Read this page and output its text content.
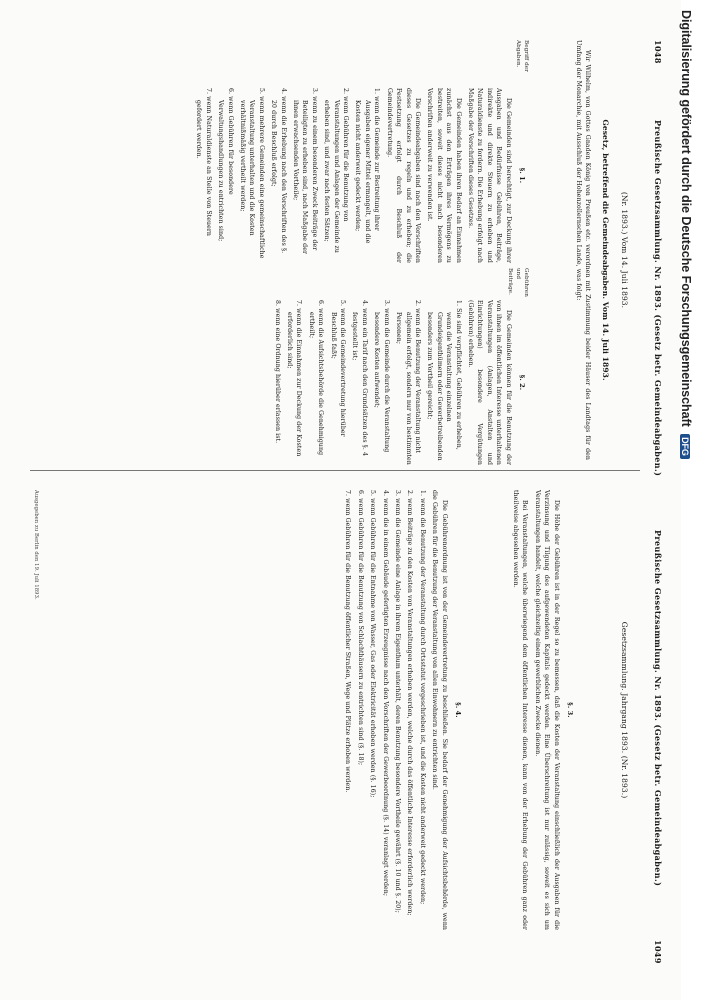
1048
Preußische Gesetzsammlung. Nr. 1893. (Gesetz betr. Gemeindeabgaben.)
Preußische Gesetzsammlung. Nr. 1893. (Gesetz betr. Gemeindeabgaben.)
1049
(Nr. 1893.) Vom 14. Juli 1893.
Gesetz, betreffend die Gemeindeabgaben. Vom 14. Juli 1893.
Wir Wilhelm, von Gottes Gnaden König von Preußen etc. verordnen mit Zustimmung beider Häuser des Landtags für den Umfang der Monarchie, mit Ausschluß der Hohenzollernschen Lande, was folgt:
Begriff der Abgaben.
§. 1.
Die Gemeinden sind berechtigt, zur Deckung ihrer Ausgaben und Bedürfnisse Gebühren, Beiträge, indirekte und direkte Steuern zu erheben und Naturaldienste zu fordern. Die Erhebung erfolgt nach Maßgabe der Vorschriften dieses Gesetzes.
Die Gemeinden haben ihren Bedarf an Einnahmen zunächst aus den Erträgen ihres Vermögens zu bestreiten, soweit dieses nicht nach besonderen Vorschriften anderweit zu verwenden ist.
Die Gemeindeabgaben sind nach den Vorschriften dieses Gesetzes zu regeln und zu erheben; die Festsetzung erfolgt durch Beschluß der Gemeindevertretung.
1. wenn die Gemeinde zur Bestreitung ihrer Ausgaben eigener Mittel ermangelt, und die Kosten nicht anderweit gedeckt werden;
2. wenn Gebühren für die Benutzung von Veranstaltungen und Anlagen der Gemeinde zu erheben sind, und zwar nach festen Sätzen;
3. wenn zu einem besonderen Zweck Beiträge der Beteiligten zu erheben sind, nach Maßgabe der ihnen erwachsenden Vortheile;
4. wenn die Erhebung nach den Vorschriften des §. 20 durch Beschluß erfolgt;
5. wenn mehrere Gemeinden eine gemeinschaftliche Veranstaltung unterhalten und die Kosten verhältnißmäßig vertheilt werden;
6. wenn Gebühren für besondere Verwaltungshandlungen zu entrichten sind;
7. wenn Naturaldienste an Stelle von Steuern gefordert werden.
Gebühren und Beiträge.
§. 2.
Die Gemeinden können für die Benutzung der von ihnen im öffentlichen Interesse unterhaltenen Veranstaltungen (Anlagen, Anstalten und Einrichtungen) besondere Vergütungen (Gebühren) erheben.
1. Sie sind verpflichtet, Gebühren zu erheben, wenn die Veranstaltung einzelnen Grundeigenthümern oder Gewerbetreibenden besonders zum Vortheil gereicht;
2. wenn die Benutzung der Veranstaltung nicht allgemein erfolgt, sondern nur von bestimmten Personen;
3. wenn die Gemeinde durch die Veranstaltung besondere Kosten aufwendet;
4. wenn ein Tarif nach den Grundsätzen des §. 4 festgestellt ist;
5. wenn die Gemeindevertretung hierüber Beschluß faßt;
6. wenn die Aufsichtsbehörde die Genehmigung ertheilt;
7. wenn die Einnahmen zur Deckung der Kosten erforderlich sind;
8. wenn eine Ordnung hierüber erlassen ist.
Gesetzsammlung. Jahrgang 1893. (Nr. 1893.)
§. 3.
Die Höhe der Gebühren ist in der Regel so zu bemessen, daß die Kosten der Veranstaltung einschließlich der Ausgaben für die Verzinsung und Tilgung des aufgewendeten Kapitals gedeckt werden. Eine Überschreitung ist nur zulässig, soweit es sich um Veranstaltungen handelt, welche gleichzeitig einem gewerblichen Zwecke dienen.
Bei Veranstaltungen, welche überwiegend dem öffentlichen Interesse dienen, kann von der Erhebung der Gebühren ganz oder theilweise abgesehen werden.
§. 4.
Die Gebührenordnung ist von der Gemeindevertretung zu beschließen. Sie bedarf der Genehmigung der Aufsichtsbehörde, wenn die Gebühren für die Benutzung der Veranstaltung von allen Einwohnern zu entrichten sind.
1. wenn die Benutzung der Veranstaltung durch Ortsstatut vorgeschrieben ist, und die Kosten nicht anderweit gedeckt werden;
2. wenn Beiträge zu den Kosten von Veranstaltungen erhoben werden, welche durch das öffentliche Interesse erforderlich werden;
3. wenn die Gemeinde eine Anlage in ihrem Eigenthum unterhält, deren Benutzung besondere Vortheile gewährt (§. 10 und §. 20);
4. wenn die in einem Gebäude gefertigten Erzeugnisse nach den Vorschriften der Gewerbeordnung (§. 14) veranlagt werden;
5. wenn Gebühren für die Entnahme von Wasser, Gas oder Elektricität erhoben werden (§. 16);
6. wenn Gebühren für die Benutzung von Schlachthäusern zu entrichten sind (§. 18);
7. wenn Gebühren für die Benutzung öffentlicher Straßen, Wege und Plätze erhoben werden.
Ausgegeben zu Berlin den 19. Juli 1893.
Digitalisierung gefördert durch die Deutsche Forschungsgemeinschaft DFG
